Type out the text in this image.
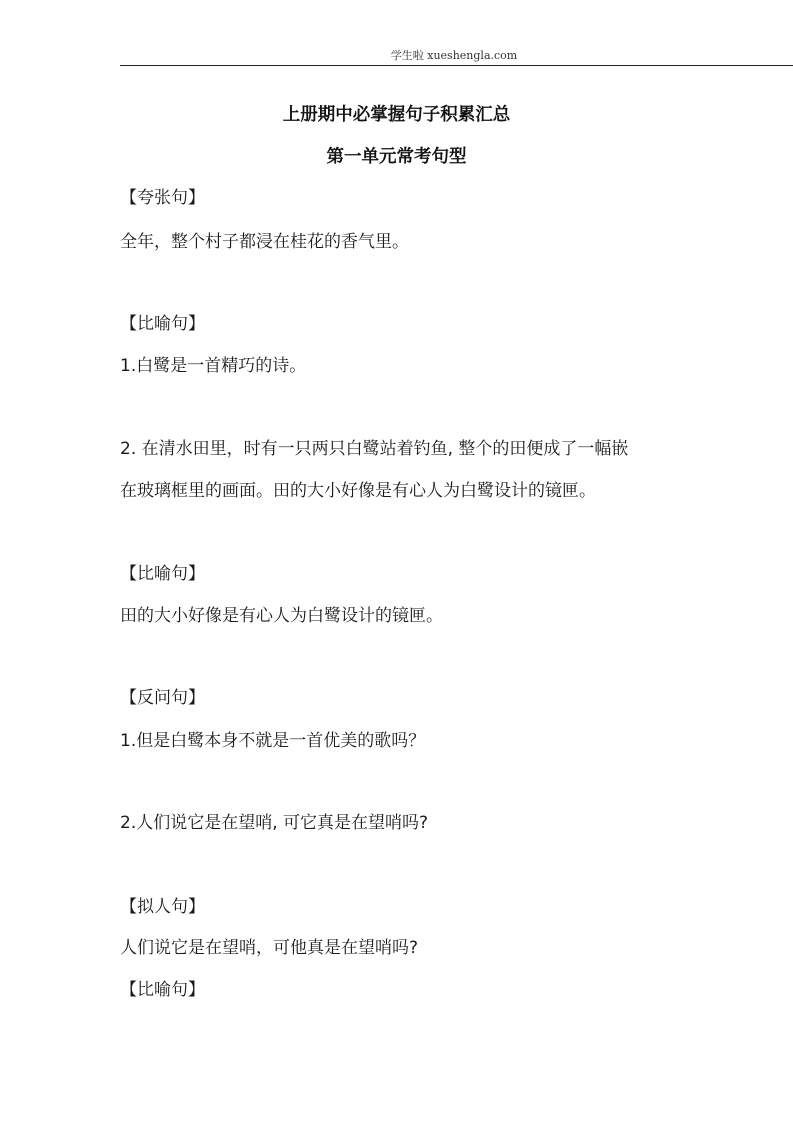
学生啦 xueshengla.com
上册期中必掌握句子积累汇总
第一单元常考句型
【夸张句】
全年，整个村子都浸在桂花的香气里。
【比喻句】
1.白鹭是一首精巧的诗。
2. 在清水田里，时有一只两只白鹭站着钓鱼, 整个的田便成了一幅嵌
在玻璃框里的画面。田的大小好像是有心人为白鹭设计的镜匣。
【比喻句】
田的大小好像是有心人为白鹭设计的镜匣。
【反问句】
1.但是白鹭本身不就是一首优美的歌吗？
2.人们说它是在望哨, 可它真是在望哨吗?
【拟人句】
人们说它是在望哨，可他真是在望哨吗?
【比喻句】
